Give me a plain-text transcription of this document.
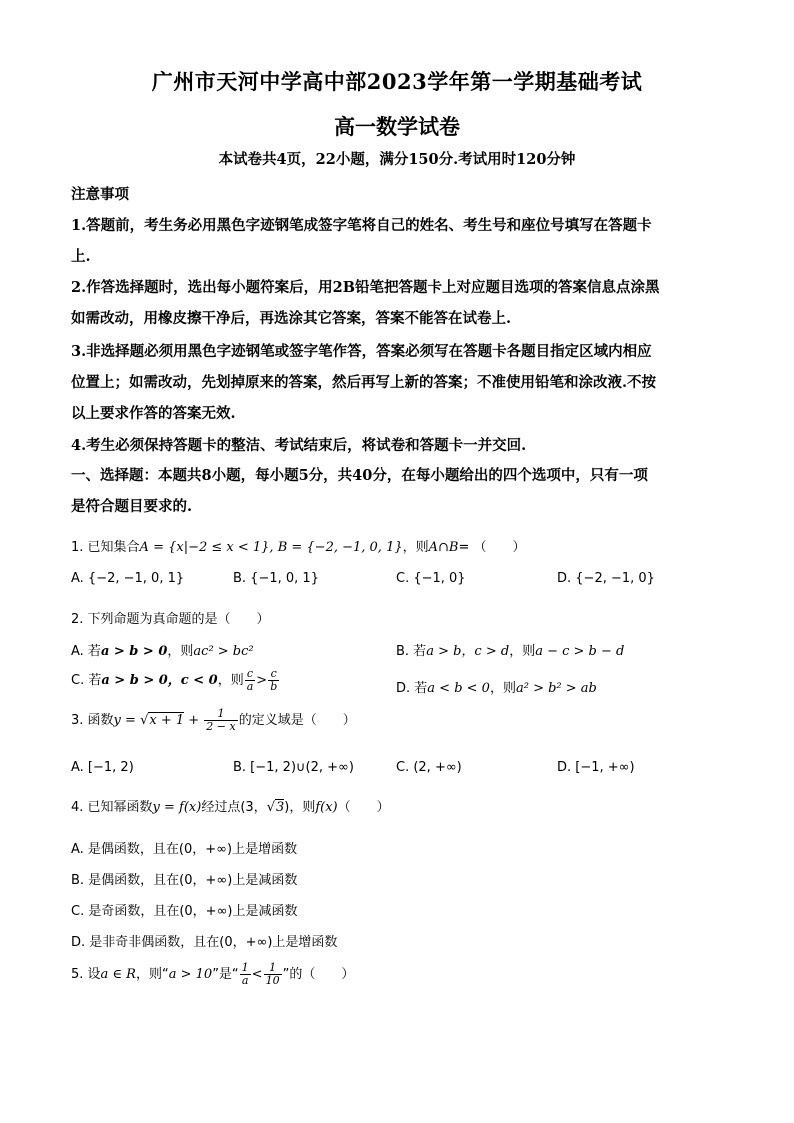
广州市天河中学高中部2023学年第一学期基础考试
高一数学试卷
本试卷共4页，22小题，满分150分.考试用时120分钟
注意事项
1.答题前，考生务必用黑色字迹钢笔成签字笔将自己的姓名、考生号和座位号填写在答题卡
上.
2.作答选择题时，选出每小题符案后，用2B铅笔把答题卡上对应题目选项的答案信息点涂黑
如需改动，用橡皮擦干净后，再选涂其它答案，答案不能答在试卷上.
3.非选择题必须用黑色字迹钢笔或签字笔作答，答案必须写在答题卡各题目指定区域内相应
位置上；如需改动，先划掉原来的答案，然后再写上新的答案；不准使用铅笔和涂改液.不按
以上要求作答的答案无效.
4.考生必须保持答题卡的整洁、考试结束后，将试卷和答题卡一并交回.
一、选择题：本题共8小题，每小题5分，共40分，在每小题给出的四个选项中，只有一项
是符合题目要求的.
1. 已知集合A = {x|−2 ≤ x < 1}, B = {−2, −1, 0, 1}，则A∩B= （　　）
A. {−2, −1, 0, 1}	B. {−1, 0, 1}	C. {−1, 0}	D. {−2, −1, 0}
2. 下列命题为真命题的是（　　）
A. 若a > b > 0，则ac² > bc²	B. 若a > b，c > d，则a − c > b − d
C. 若a > b > 0，c < 0，则 $\frac{c}{a} > \frac{c}{b}$	D. 若a < b < 0，则a² > b² > ab
3. 函数$y = √x + 1 + \frac{1}{2 - x}$ 的定义域是（　　）
A. [−1, 2)	B. [−1, 2)∪(2, +∞)	C. (2, +∞)	D. [−1, +∞)
4. 已知幂函数y = f(x)经过点(3，√3)，则f(x)（　　）
A. 是偶函数，且在(0，+∞)上是增函数
B. 是偶函数，且在(0，+∞)上是减函数
C. 是奇函数，且在(0，+∞)上是减函数
D. 是非奇非偶函数，且在(0，+∞)上是增函数
5. 设a ∈ R，则“a > 10”是“ $\frac{1}{a} < \frac{1}{10}$ ”的（　　）
